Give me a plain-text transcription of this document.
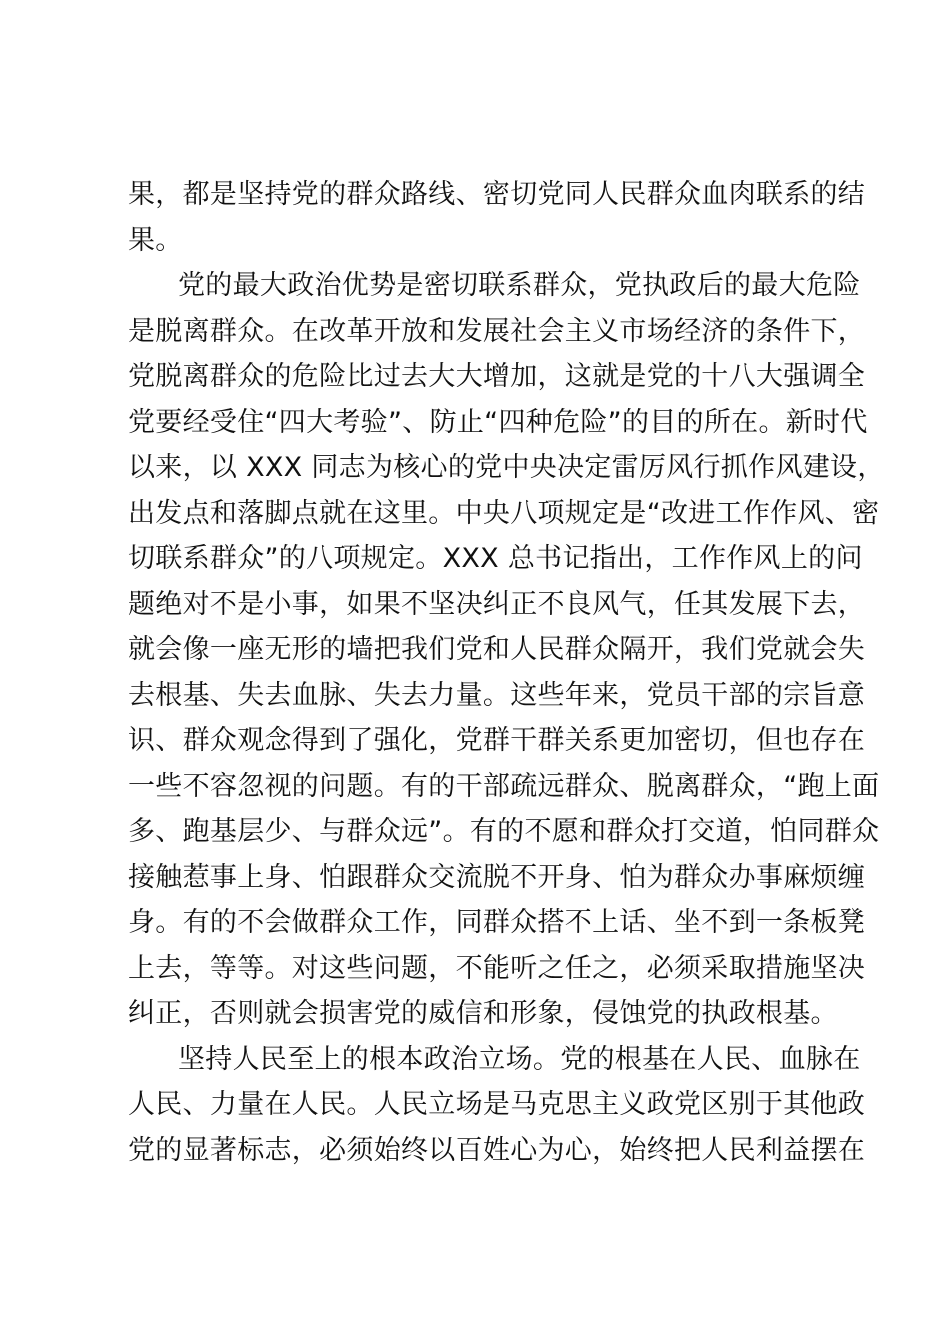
果，都是坚持党的群众路线、密切党同人民群众血肉联系的结
果。

党的最大政治优势是密切联系群众，党执政后的最大危险
是脱离群众。在改革开放和发展社会主义市场经济的条件下，
党脱离群众的危险比过去大大增加，这就是党的十八大强调全
党要经受住“四大考验”、防止“四种危险”的目的所在。新时代
以来，以 XXX 同志为核心的党中央决定雷厉风行抓作风建设，
出发点和落脚点就在这里。中央八项规定是“改进工作作风、密
切联系群众”的八项规定。XXX 总书记指出，工作作风上的问
题绝对不是小事，如果不坚决纠正不良风气，任其发展下去，
就会像一座无形的墙把我们党和人民群众隔开，我们党就会失
去根基、失去血脉、失去力量。这些年来，党员干部的宗旨意
识、群众观念得到了强化，党群干群关系更加密切，但也存在
一些不容忽视的问题。有的干部疏远群众、脱离群众，“跑上面
多、跑基层少、与群众远”。有的不愿和群众打交道，怕同群众
接触惹事上身、怕跟群众交流脱不开身、怕为群众办事麻烦缠
身。有的不会做群众工作，同群众搭不上话、坐不到一条板凳
上去，等等。对这些问题，不能听之任之，必须采取措施坚决
纠正，否则就会损害党的威信和形象，侵蚀党的执政根基。

坚持人民至上的根本政治立场。党的根基在人民、血脉在
人民、力量在人民。人民立场是马克思主义政党区别于其他政
党的显著标志，必须始终以百姓心为心，始终把人民利益摆在
